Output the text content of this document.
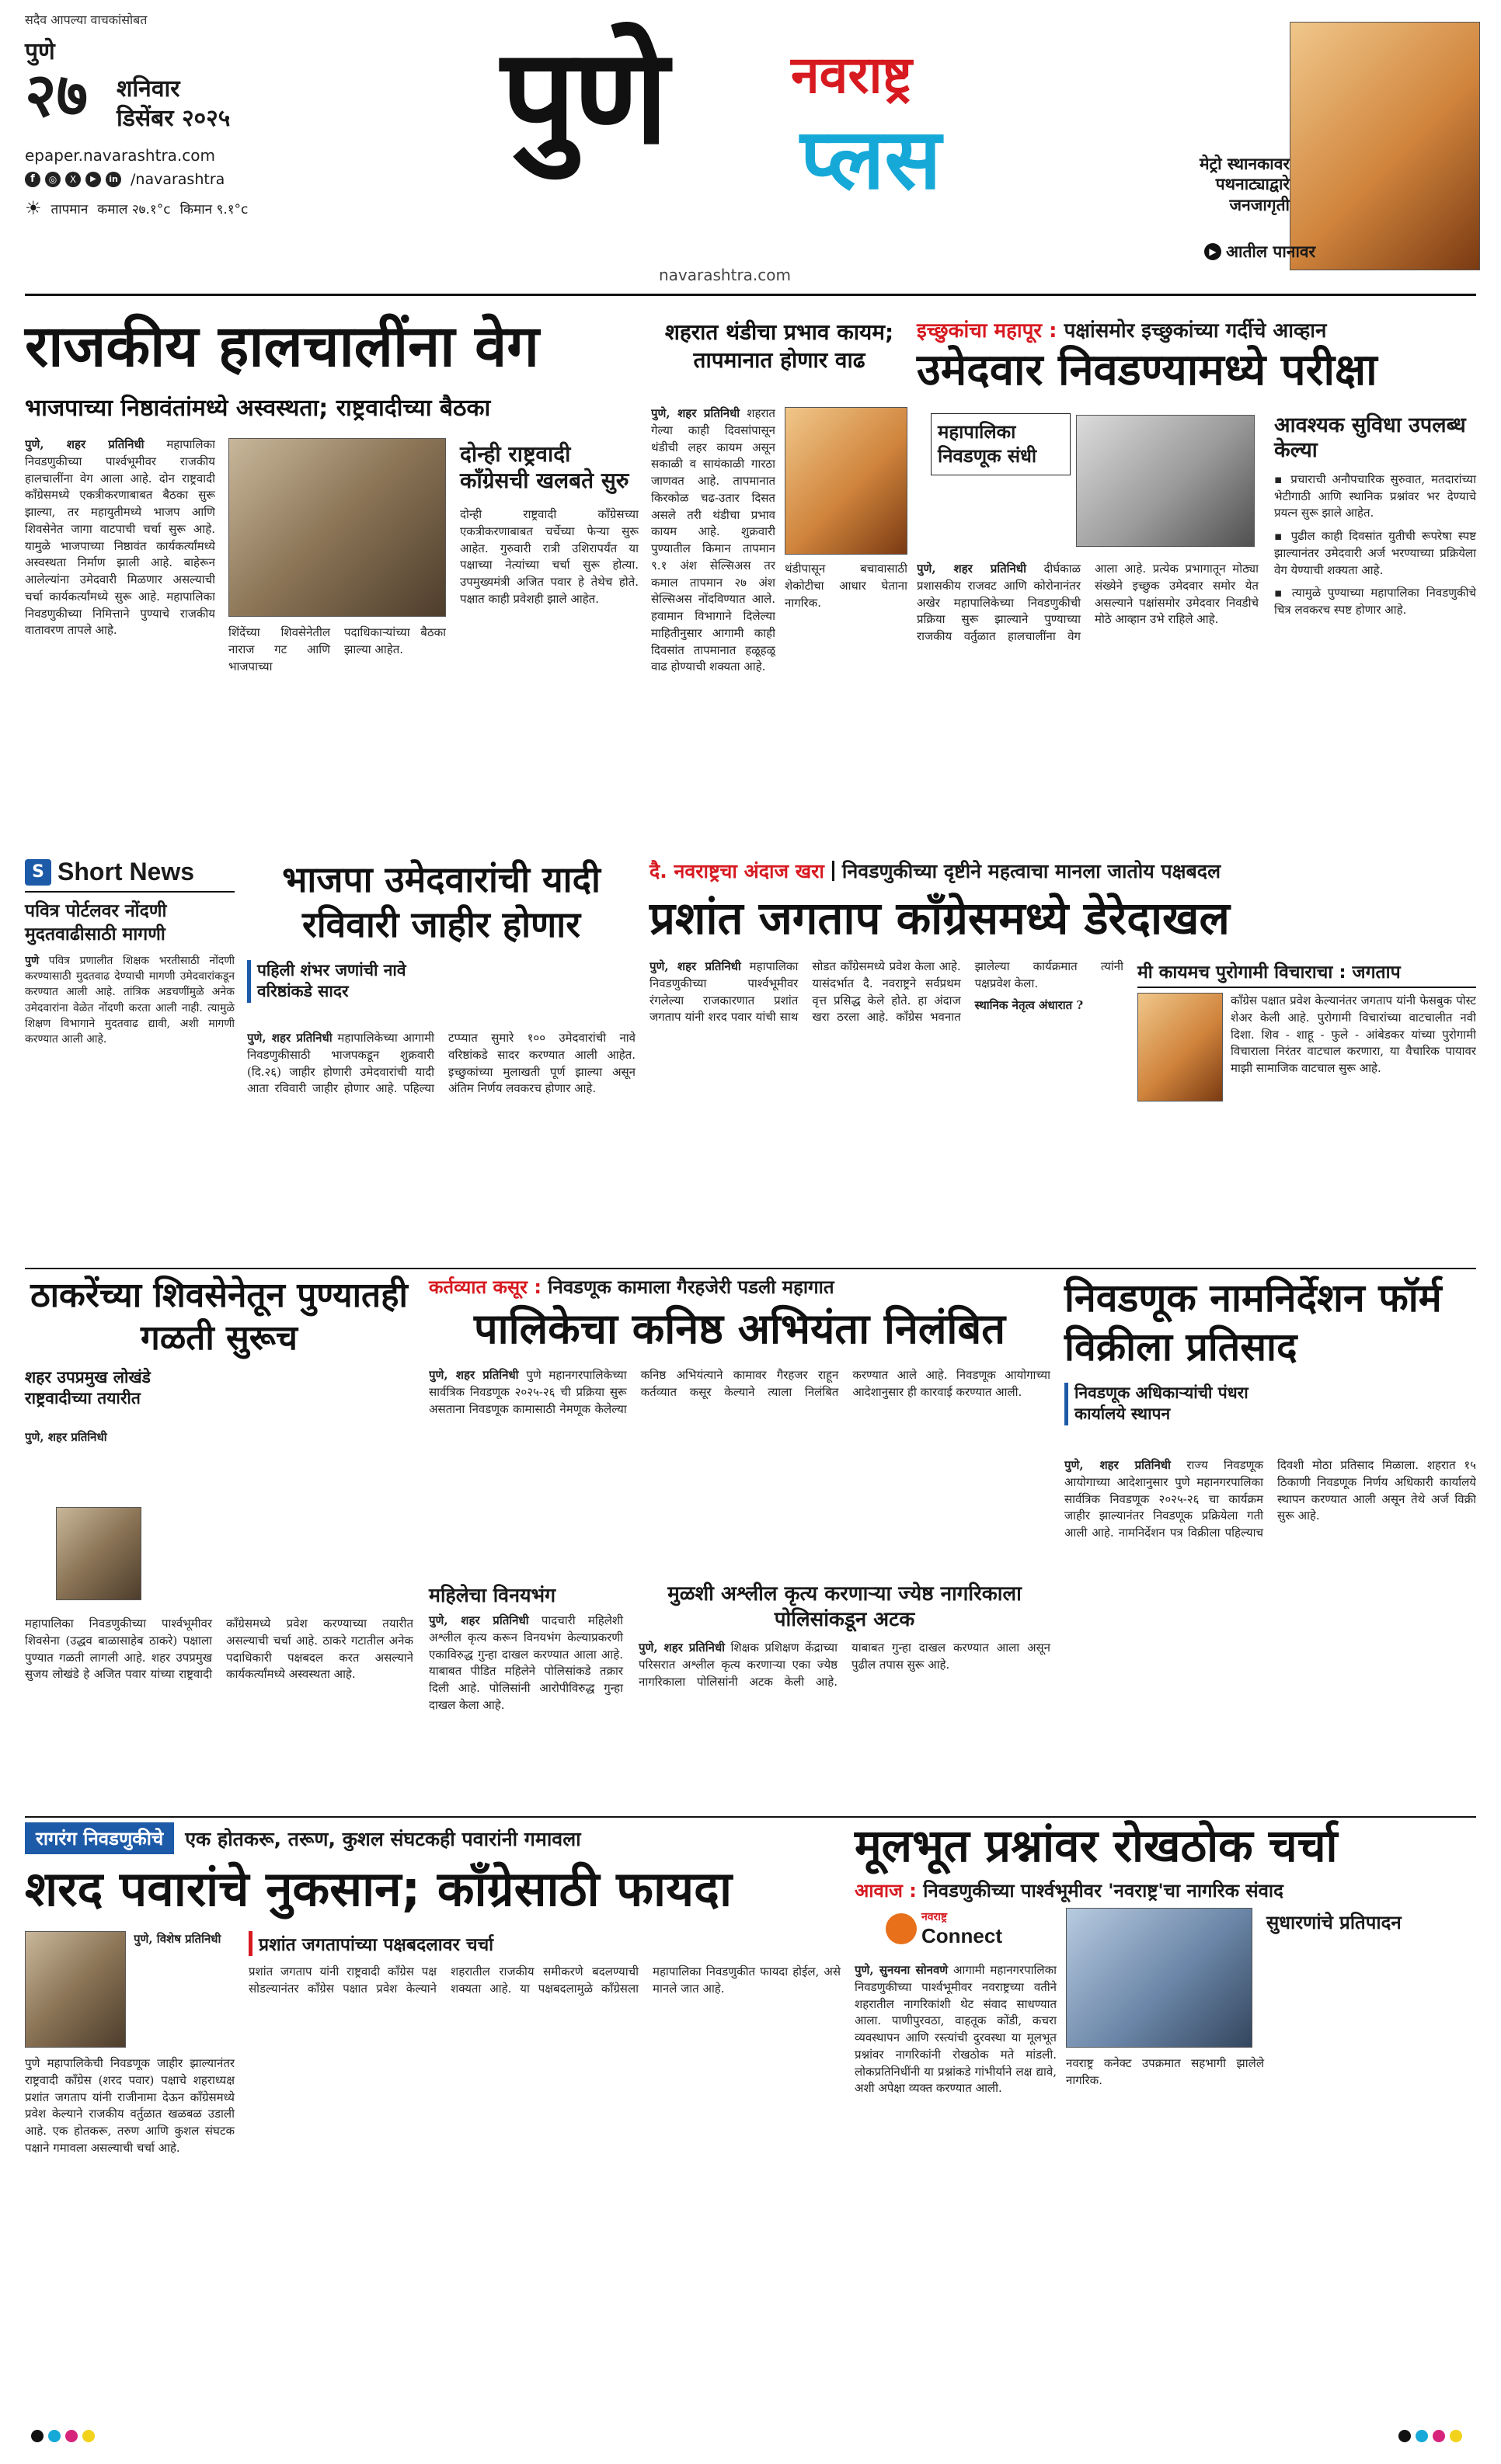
सदैव आपल्या वाचकांसोबत
पुणे
२७ शनिवार
डिसेंबर २०२५
epaper.navarashtra.com
f	◎	X	▶	in /navarashtra
☀ तापमान कमाल २७.१°c किमान ९.१°c
पुणे नवराष्ट्र
प्लस
navarashtra.com
मेट्रो स्थानकावर पथनाट्याद्वारे जनजागृती
▶ आतील पानावर
राजकीय हालचालींना वेग
भाजपाच्या निष्ठावंतांमध्ये अस्वस्थता; राष्ट्रवादीच्या बैठका
पुणे, शहर प्रतिनिधी महापालिका निवडणुकीच्या पार्श्वभूमीवर राजकीय हालचालींना वेग आला आहे. दोन राष्ट्रवादी काँग्रेसमध्ये एकत्रीकरणाबाबत बैठका सुरू झाल्या, तर महायुतीमध्ये भाजप आणि शिवसेनेत जागा वाटपाची चर्चा सुरू आहे. यामुळे भाजपाच्या निष्ठावंत कार्यकर्त्यांमध्ये अस्वस्थता निर्माण झाली आहे. बाहेरून आलेल्यांना उमेदवारी मिळणार असल्याची चर्चा कार्यकर्त्यांमध्ये सुरू आहे. महापालिका निवडणुकीच्या निमित्ताने पुण्याचे राजकीय वातावरण तापले आहे.	शिंदेंच्या शिवसेनेतील नाराज गट आणि भाजपाच्या पदाधिकाऱ्यांच्या बैठका झाल्या आहेत.
दोन्ही राष्ट्रवादी काँग्रेसची खलबते सुरु
दोन्ही राष्ट्रवादी काँग्रेसच्या एकत्रीकरणाबाबत चर्चेच्या फेऱ्या सुरू आहेत. गुरुवारी रात्री उशिरापर्यंत या पक्षाच्या नेत्यांच्या चर्चा सुरू होत्या. उपमुख्यमंत्री अजित पवार हे तेथेच होते. पक्षात काही प्रवेशही झाले आहेत.
शहरात थंडीचा प्रभाव कायम; तापमानात होणार वाढ
पुणे, शहर प्रतिनिधी शहरात गेल्या काही दिवसांपासून थंडीची लहर कायम असून सकाळी व सायंकाळी गारठा जाणवत आहे. तापमानात किरकोळ चढ-उतार दिसत असले तरी थंडीचा प्रभाव कायम आहे. शुक्रवारी पुण्यातील किमान तापमान ९.१ अंश सेल्सिअस तर कमाल तापमान २७ अंश सेल्सिअस नोंदविण्यात आले. हवामान विभागाने दिलेल्या माहितीनुसार आगामी काही दिवसांत तापमानात हळूहळू वाढ होण्याची शक्यता आहे.
थंडीपासून बचावासाठी शेकोटीचा आधार घेताना नागरिक.
इच्छुकांचा महापूर : पक्षांसमोर इच्छुकांच्या गर्दीचे आव्हान
उमेदवार निवडण्यामध्ये परीक्षा
महापालिका निवडणूक संधी
पुणे, शहर प्रतिनिधी दीर्घकाळ प्रशासकीय राजवट आणि कोरोनानंतर अखेर महापालिकेच्या निवडणुकीची प्रक्रिया सुरू झाल्याने पुण्याच्या राजकीय वर्तुळात हालचालींना वेग आला आहे. प्रत्येक प्रभागातून मोठ्या संख्येने इच्छुक उमेदवार समोर येत असल्याने पक्षांसमोर उमेदवार निवडीचे मोठे आव्हान उभे राहिले आहे.
आवश्यक सुविधा उपलब्ध केल्या
▪ प्रचाराची अनौपचारिक सुरुवात, मतदारांच्या भेटीगाठी आणि स्थानिक प्रश्नांवर भर देण्याचे प्रयत्न सुरू झाले आहेत.
▪ पुढील काही दिवसांत युतीची रूपरेषा स्पष्ट झाल्यानंतर उमेदवारी अर्ज भरण्याच्या प्रक्रियेला वेग येण्याची शक्यता आहे.
▪ त्यामुळे पुण्याच्या महापालिका निवडणुकीचे चित्र लवकरच स्पष्ट होणार आहे.
S Short News
पवित्र पोर्टलवर नोंदणी मुदतवाढीसाठी मागणी
पुणे पवित्र प्रणालीत शिक्षक भरतीसाठी नोंदणी करण्यासाठी मुदतवाढ देण्याची मागणी उमेदवारांकडून करण्यात आली आहे. तांत्रिक अडचणींमुळे अनेक उमेदवारांना वेळेत नोंदणी करता आली नाही. त्यामुळे शिक्षण विभागाने मुदतवाढ द्यावी, अशी मागणी करण्यात आली आहे.
भाजपा उमेदवारांची यादी रविवारी जाहीर होणार
पहिली शंभर जणांची नावे वरिष्ठांकडे सादर
पुणे, शहर प्रतिनिधी महापालिकेच्या आगामी निवडणुकीसाठी भाजपकडून शुक्रवारी (दि.२६) जाहीर होणारी उमेदवारांची यादी आता रविवारी जाहीर होणार आहे. पहिल्या टप्प्यात सुमारे १०० उमेदवारांची नावे वरिष्ठांकडे सादर करण्यात आली आहेत. इच्छुकांच्या मुलाखती पूर्ण झाल्या असून अंतिम निर्णय लवकरच होणार आहे.
दै. नवराष्ट्रचा अंदाज खरा निवडणुकीच्या दृष्टीने महत्वाचा मानला जातोय पक्षबदल
प्रशांत जगताप काँग्रेसमध्ये डेरेदाखल
पुणे, शहर प्रतिनिधी महापालिका निवडणुकीच्या पार्श्वभूमीवर रंगलेल्या राजकारणात प्रशांत जगताप यांनी शरद पवार यांची साथ सोडत काँग्रेसमध्ये प्रवेश केला आहे. यासंदर्भात दै. नवराष्ट्रने सर्वप्रथम वृत्त प्रसिद्ध केले होते. हा अंदाज खरा ठरला आहे. काँग्रेस भवनात झालेल्या कार्यक्रमात त्यांनी पक्षप्रवेश केला.
स्थानिक नेतृत्व अंधारात ?
मी कायमच पुरोगामी विचाराचा : जगताप
काँग्रेस पक्षात प्रवेश केल्यानंतर जगताप यांनी फेसबुक पोस्ट शेअर केली आहे. पुरोगामी विचारांच्या वाटचालीत नवी दिशा. शिव - शाहू - फुले - आंबेडकर यांच्या पुरोगामी विचाराला निरंतर वाटचाल करणारा, या वैचारिक पायावर माझी सामाजिक वाटचाल सुरू आहे.
ठाकरेंच्या शिवसेनेतून पुण्यातही गळती सुरूच
शहर उपप्रमुख लोखंडे राष्ट्रवादीच्या तयारीत
पुणे, शहर प्रतिनिधी
महापालिका निवडणुकीच्या पार्श्वभूमीवर शिवसेना (उद्धव बाळासाहेब ठाकरे) पक्षाला पुण्यात गळती लागली आहे. शहर उपप्रमुख सुजय लोखंडे हे अजित पवार यांच्या राष्ट्रवादी काँग्रेसमध्ये प्रवेश करण्याच्या तयारीत असल्याची चर्चा आहे. ठाकरे गटातील अनेक पदाधिकारी पक्षबदल करत असल्याने कार्यकर्त्यांमध्ये अस्वस्थता आहे.
कर्तव्यात कसूर : निवडणूक कामाला गैरहजेरी पडली महागात
पालिकेचा कनिष्ठ अभियंता निलंबित
पुणे, शहर प्रतिनिधी पुणे महानगरपालिकेच्या सार्वत्रिक निवडणूक २०२५-२६ ची प्रक्रिया सुरू असताना निवडणूक कामासाठी नेमणूक केलेल्या कनिष्ठ अभियंत्याने कामावर गैरहजर राहून कर्तव्यात कसूर केल्याने त्याला निलंबित करण्यात आले आहे. निवडणूक आयोगाच्या आदेशानुसार ही कारवाई करण्यात आली.
महिलेचा विनयभंग
पुणे, शहर प्रतिनिधी पादचारी महिलेशी अश्लील कृत्य करून विनयभंग केल्याप्रकरणी एकाविरुद्ध गुन्हा दाखल करण्यात आला आहे. याबाबत पीडित महिलेने पोलिसांकडे तक्रार दिली आहे. पोलिसांनी आरोपीविरुद्ध गुन्हा दाखल केला आहे.
मुळशी अश्लील कृत्य करणाऱ्या ज्येष्ठ नागरिकाला पोलिसांकडून अटक
पुणे, शहर प्रतिनिधी शिक्षक प्रशिक्षण केंद्राच्या परिसरात अश्लील कृत्य करणाऱ्या एका ज्येष्ठ नागरिकाला पोलिसांनी अटक केली आहे. याबाबत गुन्हा दाखल करण्यात आला असून पुढील तपास सुरू आहे.
निवडणूक नामनिर्देशन फॉर्म विक्रीला प्रतिसाद
निवडणूक अधिकाऱ्यांची पंधरा कार्यालये स्थापन
पुणे, शहर प्रतिनिधी राज्य निवडणूक आयोगाच्या आदेशानुसार पुणे महानगरपालिका सार्वत्रिक निवडणूक २०२५-२६ चा कार्यक्रम जाहीर झाल्यानंतर निवडणूक प्रक्रियेला गती आली आहे. नामनिर्देशन पत्र विक्रीला पहिल्याच दिवशी मोठा प्रतिसाद मिळाला. शहरात १५ ठिकाणी निवडणूक निर्णय अधिकारी कार्यालये स्थापन करण्यात आली असून तेथे अर्ज विक्री सुरू आहे.
रागरंग निवडणुकीचे	एक होतकरू, तरूण, कुशल संघटकही पवारांनी गमावला
शरद पवारांचे नुकसान; काँग्रेसाठी फायदा
पुणे, विशेष प्रतिनिधी
पुणे महापालिकेची निवडणूक जाहीर झाल्यानंतर राष्ट्रवादी काँग्रेस (शरद पवार) पक्षाचे शहराध्यक्ष प्रशांत जगताप यांनी राजीनामा देऊन काँग्रेसमध्ये प्रवेश केल्याने राजकीय वर्तुळात खळबळ उडाली आहे. एक होतकरू, तरुण आणि कुशल संघटक पक्षाने गमावला असल्याची चर्चा आहे.
प्रशांत जगतापांच्या पक्षबदलावर चर्चा
प्रशांत जगताप यांनी राष्ट्रवादी काँग्रेस पक्ष सोडल्यानंतर काँग्रेस पक्षात प्रवेश केल्याने शहरातील राजकीय समीकरणे बदलण्याची शक्यता आहे. या पक्षबदलामुळे काँग्रेसला महापालिका निवडणुकीत फायदा होईल, असे मानले जात आहे.
मूलभूत प्रश्नांवर रोखठोक चर्चा
आवाज : निवडणुकीच्या पार्श्वभूमीवर 'नवराष्ट्र'चा नागरिक संवाद
नवराष्ट्र
Connect
पुणे, सुनयना सोनवणे आगामी महानगरपालिका निवडणुकीच्या पार्श्वभूमीवर नवराष्ट्रच्या वतीने शहरातील नागरिकांशी थेट संवाद साधण्यात आला. पाणीपुरवठा, वाहतूक कोंडी, कचरा व्यवस्थापन आणि रस्त्यांची दुरवस्था या मूलभूत प्रश्नांवर नागरिकांनी रोखठोक मते मांडली. लोकप्रतिनिधींनी या प्रश्नांकडे गांभीर्याने लक्ष द्यावे, अशी अपेक्षा व्यक्त करण्यात आली.
नवराष्ट्र कनेक्ट उपक्रमात सहभागी झालेले नागरिक.
सुधारणांचे प्रतिपादन
